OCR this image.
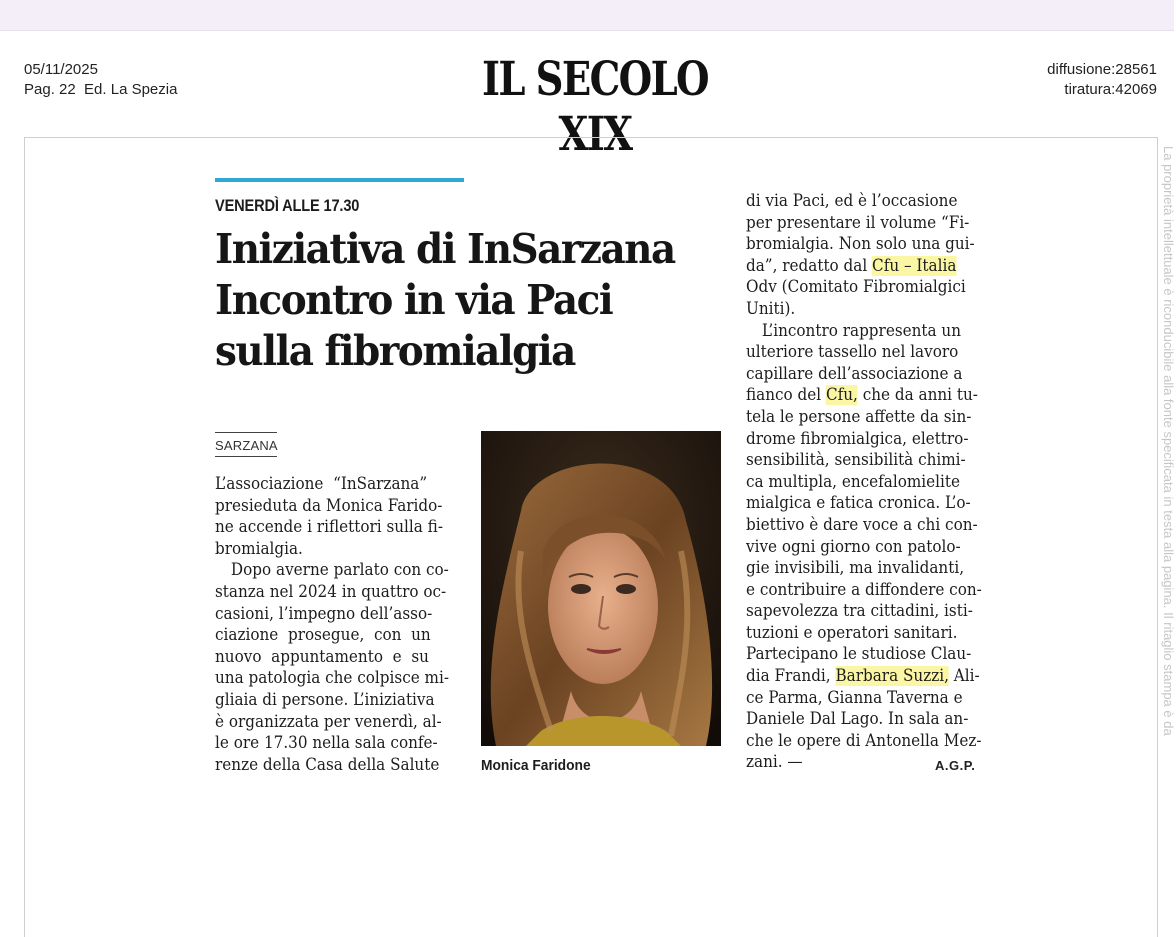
05/11/2025
Pag. 22  Ed. La Spezia	IL SECOLO XIX
diffusione:28561
tiratura:42069
La proprietà intellettuale è riconducibile alla fonte specificata in testa alla pagina. Il ritaglio stampa è da
VENERDÌ ALLE 17.30
Iniziativa di InSarzana
Incontro in via Paci
sulla fibromialgia
SARZANA
L’associazione  “InSarzana”
presieduta da Monica Farido-
ne accende i riflettori sulla fi-
bromialgia.
Dopo averne parlato con co-
stanza nel 2024 in quattro oc-
casioni, l’impegno dell’asso-
ciazione  prosegue,  con  un
nuovo  appuntamento  e  su
una patologia che colpisce mi-
gliaia di persone. L’iniziativa
è organizzata per venerdì, al-
le ore 17.30 nella sala confe-
renze della Casa della Salute	Monica Faridone
di via Paci, ed è l’occasione
per presentare il volume “Fi-
bromialgia. Non solo una gui-
da”, redatto dal Cfu – Italia
Odv (Comitato Fibromialgici
Uniti).
L’incontro rappresenta un
ulteriore tassello nel lavoro
capillare dell’associazione a
fianco del Cfu, che da anni tu-
tela le persone affette da sin-
drome fibromialgica, elettro-
sensibilità, sensibilità chimi-
ca multipla, encefalomielite
mialgica e fatica cronica. L’o-
biettivo è dare voce a chi con-
vive ogni giorno con patolo-
gie invisibili, ma invalidanti,
e contribuire a diffondere con-
sapevolezza tra cittadini, isti-
tuzioni e operatori sanitari.
Partecipano le studiose Clau-
dia Frandi, Barbara Suzzi, Ali-
ce Parma, Gianna Taverna e
Daniele Dal Lago. In sala an-
che le opere di Antonella Mez-
zani. —	A.G.P.
